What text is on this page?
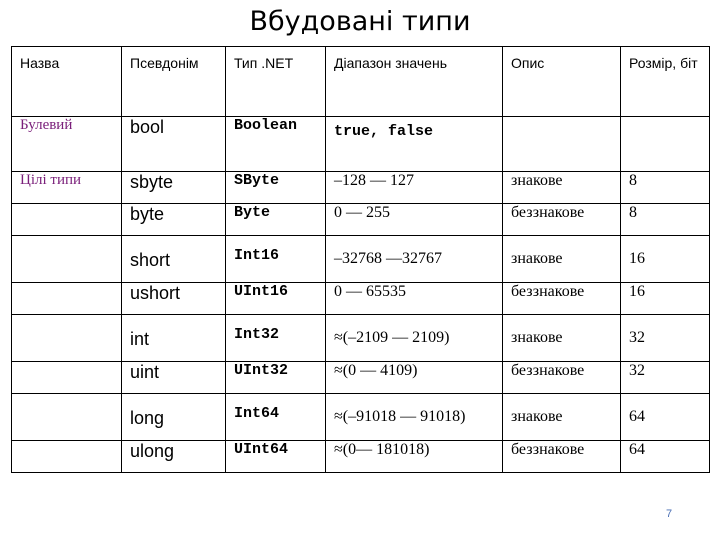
Вбудовані типи
Назва	Псевдонім	Тип .NET	Діапазон значень	Опис	Розмір, біт
Булевий	bool	Boolean	true, false		
Цілі типи	sbyte	SByte	–128 — 127	знакове	8
	byte	Byte	0 — 255	беззнакове	8
	short	Int16	–32768 —32767	знакове	16
	ushort	UInt16	0 — 65535	беззнакове	16
	int	Int32	≈(–2109 — 2109)	знакове	32
	uint	UInt32	≈(0 — 4109)	беззнакове	32
	long	Int64	≈(–91018 — 91018)	знакове	64
	ulong	UInt64	≈(0— 181018)	беззнакове	64
7
